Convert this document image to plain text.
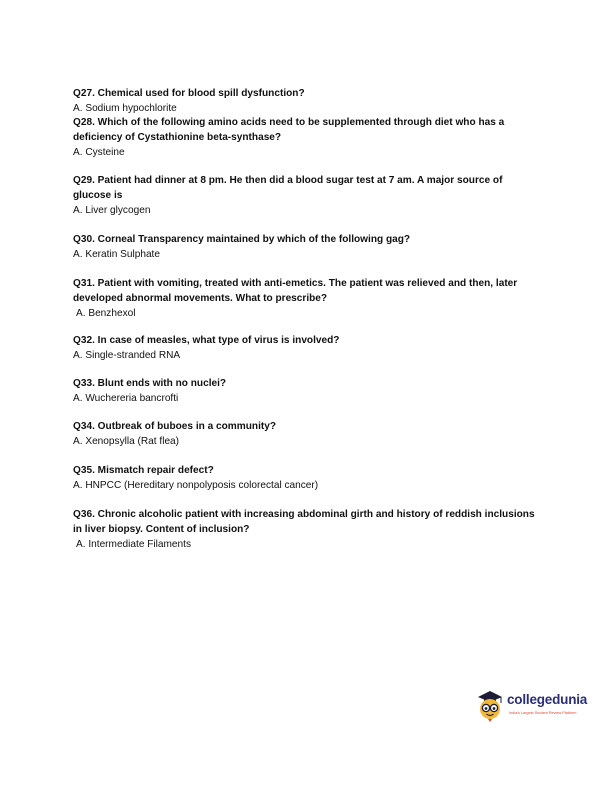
Q27. Chemical used for blood spill dysfunction?

A. Sodium hypochlorite

Q28. Which of the following amino acids need to be supplemented through diet who has a deficiency of Cystathionine beta-synthase?

A. Cysteine

Q29. Patient had dinner at 8 pm. He then did a blood sugar test at 7 am. A major source of glucose is

A. Liver glycogen

Q30. Corneal Transparency maintained by which of the following gag?

A. Keratin Sulphate

Q31. Patient with vomiting, treated with anti-emetics. The patient was relieved and then, later developed abnormal movements. What to prescribe?

A. Benzhexol

Q32. In case of measles, what type of virus is involved?

A. Single-stranded RNA

Q33. Blunt ends with no nuclei?

A. Wuchereria bancrofti

Q34. Outbreak of buboes in a community?

A. Xenopsylla (Rat flea)

Q35. Mismatch repair defect?

A. HNPCC (Hereditary nonpolyposis colorectal cancer)

Q36. Chronic alcoholic patient with increasing abdominal girth and history of reddish inclusions in liver biopsy. Content of inclusion?

A. Intermediate Filaments

collegedunia
India's Largest Student Review Platform
